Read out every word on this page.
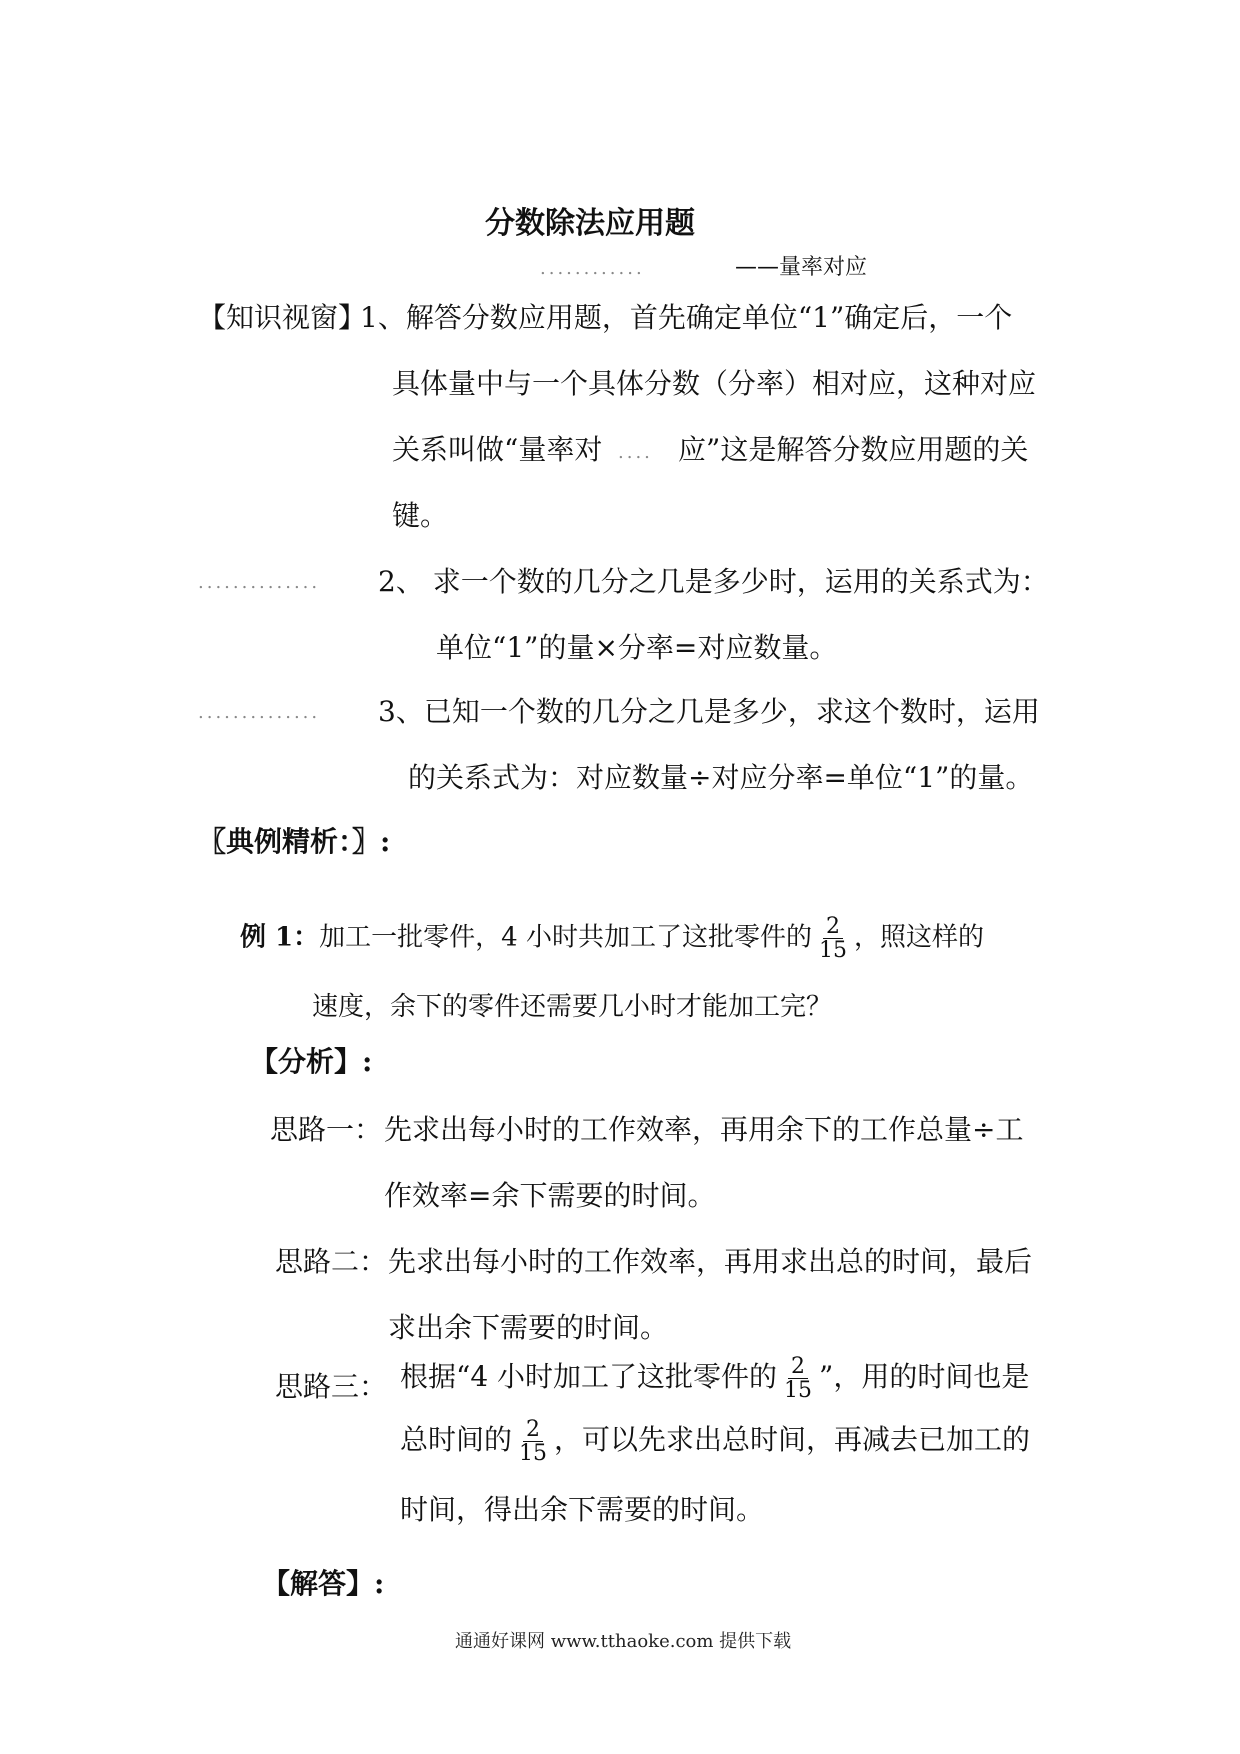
分数除法应用题
............	——量率对应
【知识视窗】
1、解答分数应用题，首先确定单位“1”确定后，一个
具体量中与一个具体分数（分率）相对应，这种对应
关系叫做“量率对 .... 应”这是解答分数应用题的关
键。
.............. 2、 求一个数的几分之几是多少时，运用的关系式为：
单位“1”的量×分率=对应数量。
.............. 3、已知一个数的几分之几是多少，求这个数时，运用
的关系式为：对应数量÷对应分率=单位“1”的量。
〖典例精析：〗:
例 1：加工一批零件，4 小时共加工了这批零件的 $\frac{2}{15}$ ，照这样的
速度，余下的零件还需要几小时才能加工完？
【分析】:
思路一： 先求出每小时的工作效率，再用余下的工作总量÷工
作效率=余下需要的时间。
思路二： 先求出每小时的工作效率，再用求出总的时间，最后
求出余下需要的时间。
思路三： 根据“4 小时加工了这批零件的 $\frac{2}{15}$ ”，用的时间也是
总时间的 $\frac{2}{15}$ ，可以先求出总时间，再减去已加工的
时间，得出余下需要的时间。
【解答】:
通通好课网 www.tthaoke.com 提供下载
